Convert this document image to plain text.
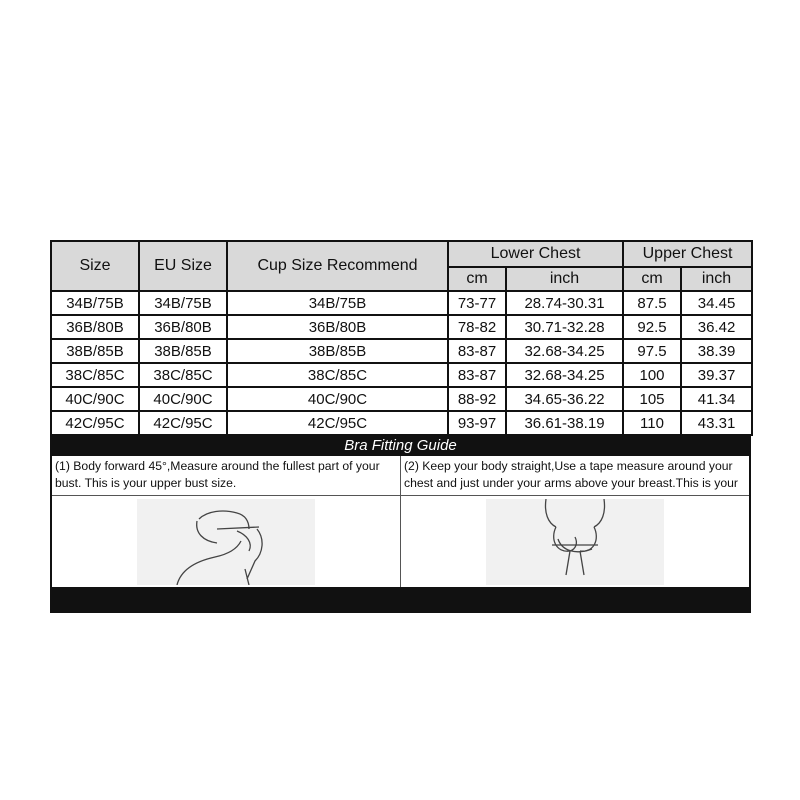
Size	EU Size	Cup Size Recommend	Lower Chest		Upper Chest	
			cm	inch	cm	inch
34B/75B	34B/75B	34B/75B	73-77	28.74-30.31	87.5	34.45
36B/80B	36B/80B	36B/80B	78-82	30.71-32.28	92.5	36.42
38B/85B	38B/85B	38B/85B	83-87	32.68-34.25	97.5	38.39
38C/85C	38C/85C	38C/85C	83-87	32.68-34.25	100	39.37
40C/90C	40C/90C	40C/90C	88-92	34.65-36.22	105	41.34
42C/95C	42C/95C	42C/95C	93-97	36.61-38.19	110	43.31
Bra Fitting Guide
(1) Body forward 45°,Measure around the fullest part of your bust. This is your upper bust size.
(2) Keep your body straight,Use a tape measure around your chest and just under your arms above your breast.This is your
